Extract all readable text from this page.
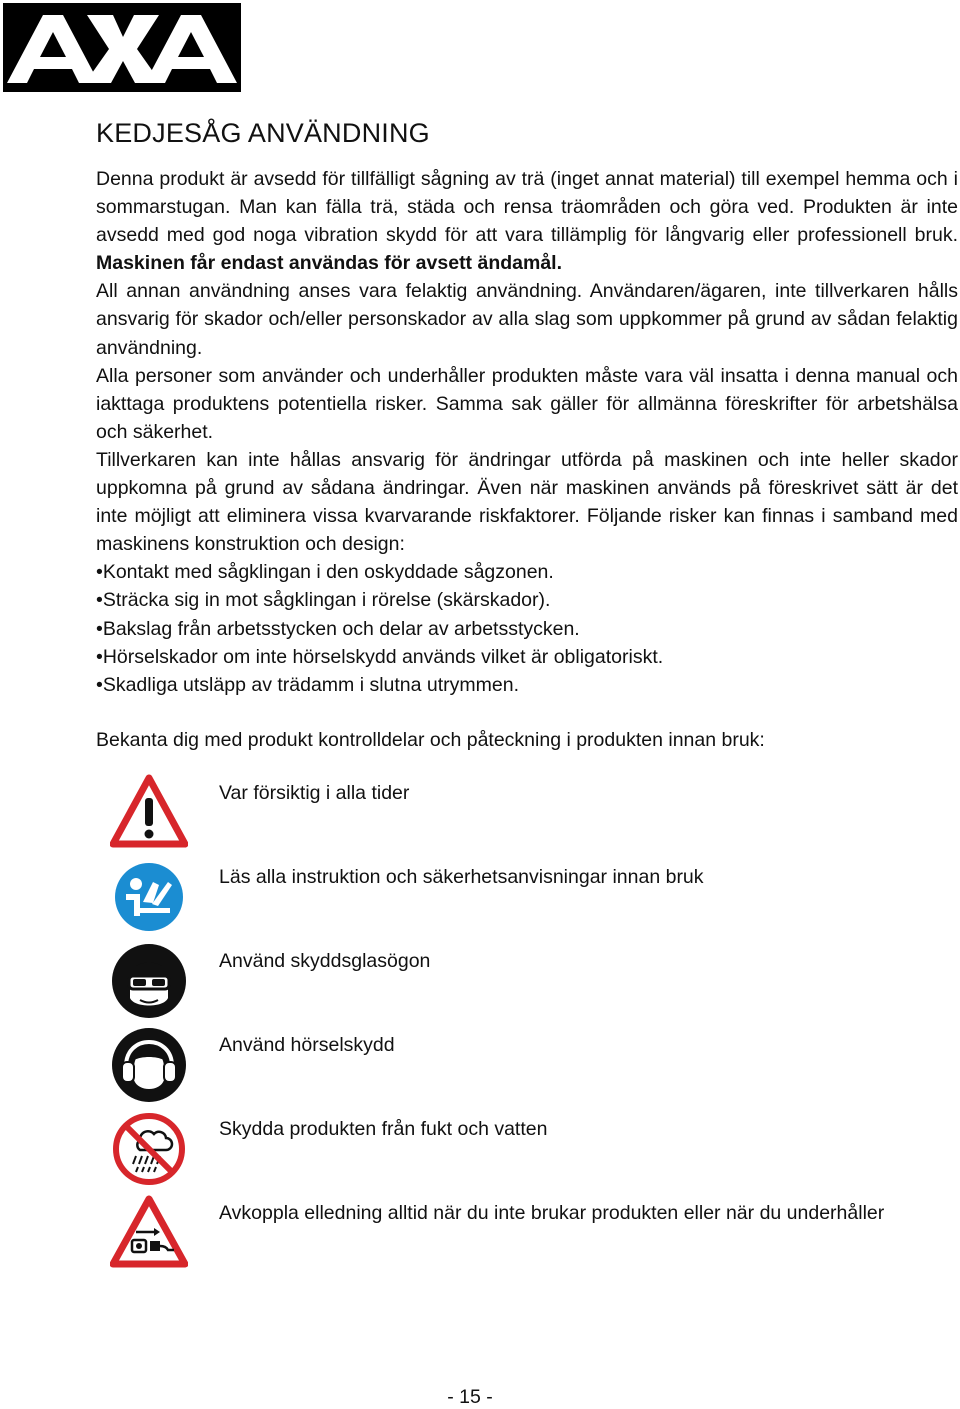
KEDJESÅG ANVÄNDNING

Denna produkt är avsedd för tillfälligt sågning av trä (inget annat material) till exempel hemma och i sommarstugan. Man kan fälla trä, städa och rensa träområden och göra ved. Produkten är inte avsedd med god noga vibration skydd för att vara tillämplig för långvarig eller professionell bruk. Maskinen får endast användas för avsett ändamål.

All annan användning anses vara felaktig användning. Användaren/ägaren, inte tillverkaren hålls ansvarig för skador och/eller personskador av alla slag som uppkommer på grund av sådan felaktig användning.

Alla personer som använder och underhåller produkten måste vara väl insatta i denna manual och iakttaga produktens potentiella risker. Samma sak gäller för allmänna föreskrifter för arbetshälsa och säkerhet.

Tillverkaren kan inte hållas ansvarig för ändringar utförda på maskinen och inte heller skador uppkomna på grund av sådana ändringar. Även när maskinen används på föreskrivet sätt är det inte möjligt att eliminera vissa kvarvarande riskfaktorer. Följande risker kan finnas i samband med maskinens konstruktion och design:

•Kontakt med sågklingan i den oskyddade sågzonen.
•Sträcka sig in mot sågklingan i rörelse (skärskador).
•Bakslag från arbetsstycken och delar av arbetsstycken.
•Hörselskador om inte hörselskydd används vilket är obligatoriskt.
•Skadliga utsläpp av trädamm i slutna utrymmen.
Bekanta dig med produkt kontrolldelar och påteckning i produkten innan bruk:
Var försiktig i alla tider
Läs alla instruktion och säkerhetsanvisningar innan bruk
Använd skyddsglasögon
Använd hörselskydd
Skydda produkten från fukt och vatten
Avkoppla elledning alltid när du inte brukar produkten eller när du underhåller
- 15 -
